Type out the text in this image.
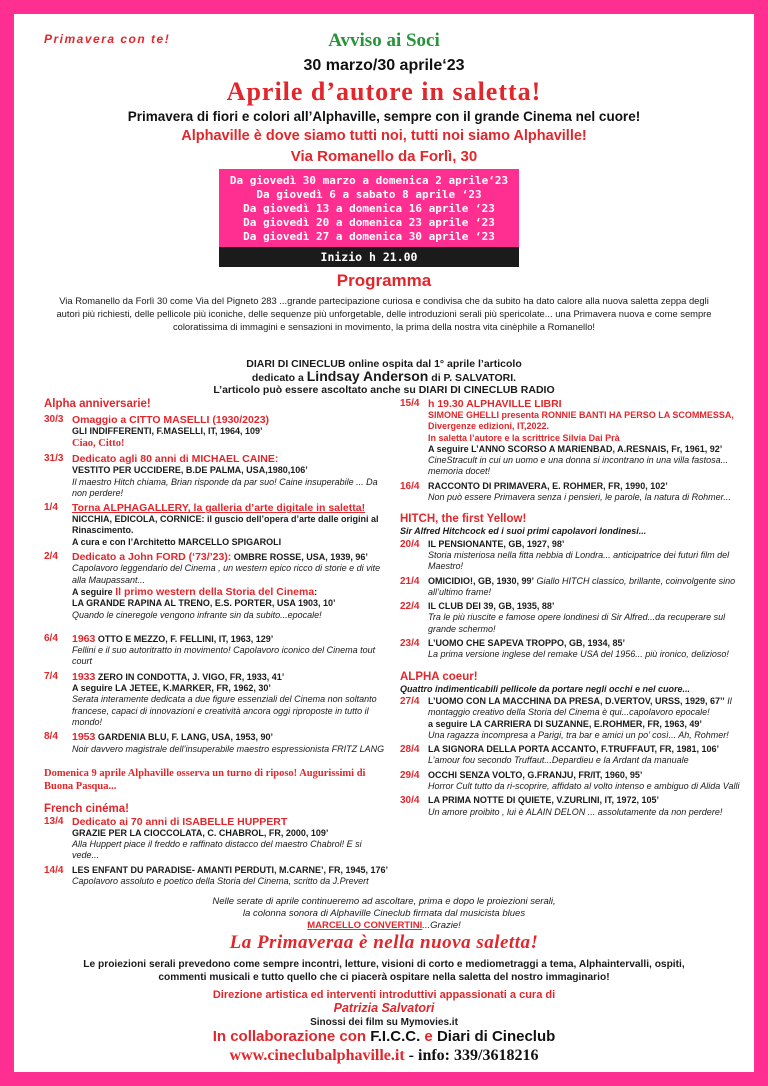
Primavera con te!	Avviso ai Soci
30 marzo/30 aprile‘23
Aprile d’autore in saletta!
Primavera di fiori e colori all’Alphaville, sempre con il grande Cinema nel cuore!
Alphaville è dove siamo tutti noi, tutti noi siamo Alphaville!
Via Romanello da Forlì, 30
Da giovedì 30 marzo a domenica 2 aprile‘23
Da giovedì 6 a sabato 8 aprile ‘23
Da giovedì 13 a domenica 16 aprile ‘23
Da giovedì 20 a domenica 23 aprile ‘23
Da giovedì 27 a domenica 30 aprile ‘23
Inizio h 21.00
Programma
Via Romanello da Forlì 30 come Via del Pigneto 283 ...grande partecipazione curiosa e condivisa che da subito ha dato calore alla nuova saletta zeppa degli autori più richiesti, delle pellicole più iconiche, delle sequenze più unforgetable, delle introduzioni serali più spericolate... una Primavera nuova e come sempre coloratissima di immagini e sensazioni in movimento, la prima della nostra vita cinèphile a Romanello!
DIARI DI CINECLUB online ospita dal 1° aprile l’articolo
dedicato a Lindsay Anderson di P. SALVATORI.
L’articolo può essere ascoltato anche su DIARI DI CINECLUB RADIO
Alpha anniversarie!
30/3 Omaggio a CITTO MASELLI (1930/2023)
GLI INDIFFERENTI, F.MASELLI, IT, 1964, 109’
Ciao, Citto!
31/3 Dedicato agli 80 anni di MICHAEL CAINE:
VESTITO PER UCCIDERE, B.DE PALMA, USA,1980,106’
Il maestro Hitch chiama, Brian risponde da par suo! Caine insuperabile ... Da non perdere!
1/4	Torna ALPHAGALLERY, la galleria d’arte digitale in saletta!
NICCHIA, EDICOLA, CORNICE: il guscio dell’opera d’arte dalle origini al Rinascimento.
A cura e con l’Architetto MARCELLO SPIGAROLI
2/4	Dedicato a John FORD (‘73/’23): OMBRE ROSSE, USA, 1939, 96’
Capolavoro leggendario del Cinema , un western epico ricco di storie e di vite alla Maupassant...
A seguire Il primo western della Storia del Cinema:
LA GRANDE RAPINA AL TRENO, E.S. PORTER, USA 1903, 10’
Quando le cineregole vengono infrante sin da subito...epocale!
6/4	1963 OTTO E MEZZO, F. FELLINI, IT, 1963, 129’
Fellini e il suo autoritratto in movimento! Capolavoro iconico del Cinema tout court
7/4	1933 ZERO IN CONDOTTA, J. VIGO, FR, 1933, 41’
A seguire LA JETEE, K.MARKER, FR, 1962, 30’
Serata interamente dedicata a due figure essenziali del Cinema non soltanto francese, capaci di innovazioni e creatività ancora oggi riproposte in tutto il mondo!
8/4	1953 GARDENIA BLU, F. LANG, USA, 1953, 90’
Noir davvero magistrale dell’insuperabile maestro espressionista FRITZ LANG
Domenica 9 aprile Alphaville osserva un turno di riposo! Augurissimi di Buona Pasqua...
French cinéma!
13/4 Dedicato ai 70 anni di ISABELLE HUPPERT
GRAZIE PER LA CIOCCOLATA, C. CHABROL, FR, 2000, 109’
Alla Huppert piace il freddo e raffinato distacco del maestro Chabrol! E si vede...
14/4 LES ENFANT DU PARADISE- AMANTI PERDUTI, M.CARNE’, FR, 1945, 176’ Capolavoro assoluto e poetico della Storia del Cinema, scritto da J.Prevert
15/4 h 19.30 ALPHAVILLE LIBRI
SIMONE GHELLI presenta RONNIE BANTI HA PERSO LA SCOMMESSA, Divergenze edizioni, IT,2022.
In saletta l’autore e la scrittrice Silvia Dai Prà
A seguire L’ANNO SCORSO A MARIENBAD, A.RESNAIS, Fr, 1961, 92’
CineStracult in cui un uomo e una donna si incontrano in una villa fastosa... memoria docet!
16/4 RACCONTO DI PRIMAVERA, E. ROHMER, FR, 1990, 102’
Non può essere Primavera senza i pensieri, le parole, la natura di Rohmer...
HITCH, the first Yellow!
Sir Alfred Hitchcock ed i suoi primi capolavori londinesi...
20/4 IL PENSIONANTE, GB, 1927, 98’
Storia misteriosa nella fitta nebbia di Londra... anticipatrice dei futuri film del Maestro!
21/4 OMICIDIO!, GB, 1930, 99’ Giallo HITCH classico, brillante, coinvolgente sino all’ultimo frame!
22/4 IL CLUB DEI 39, GB, 1935, 88’
Tra le più riuscite e famose opere londinesi di Sir Alfred...da recuperare sul grande schermo!
23/4 L’UOMO CHE SAPEVA TROPPO, GB, 1934, 85’
La prima versione inglese del remake USA del 1956... più ironico, delizioso!
ALPHA coeur!
Quattro indimenticabili pellicole da portare negli occhi e nel cuore...
27/4 L’UOMO CON LA MACCHINA DA PRESA, D.VERTOV, URSS, 1929, 67’’ Il montaggio creativo della Storia del Cinema è qui...capolavoro epocale!
a seguire LA CARRIERA DI SUZANNE, E.ROHMER, FR, 1963, 49’
Una ragazza incompresa a Parigi, tra bar e amici un po’ così... Ah, Rohmer!
28/4 LA SIGNORA DELLA PORTA ACCANTO, F.TRUFFAUT, FR, 1981, 106’
L’amour fou secondo Truffaut...Depardieu e la Ardant da manuale
29/4 OCCHI SENZA VOLTO, G.FRANJU, FR/IT, 1960, 95’
Horror Cult tutto da ri-scoprire, affidato al volto intenso e ambiguo di Alida Valli
30/4 LA PRIMA NOTTE DI QUIETE, V.ZURLINI, IT, 1972, 105’
Un amore proibito , lui è ALAIN DELON ... assolutamente da non perdere!
Nelle serate di aprile continueremo ad ascoltare, prima e dopo le proiezioni serali,
la colonna sonora di Alphaville Cineclub firmata dal musicista blues
MARCELLO CONVERTINI...Grazie!
La Primaveraa è nella nuova saletta!
Le proiezioni serali prevedono come sempre incontri, letture, visioni di corto e mediometraggi a tema, Alphaintervalli, ospiti, commenti musicali e tutto quello che ci piacerà ospitare nella saletta del nostro immaginario!
Direzione artistica ed interventi introduttivi appassionati a cura di
Patrizia Salvatori
Sinossi dei film su Mymovies.it
In collaborazione con F.I.C.C. e Diari di Cineclub
www.cineclubalphaville.it - info: 339/3618216
